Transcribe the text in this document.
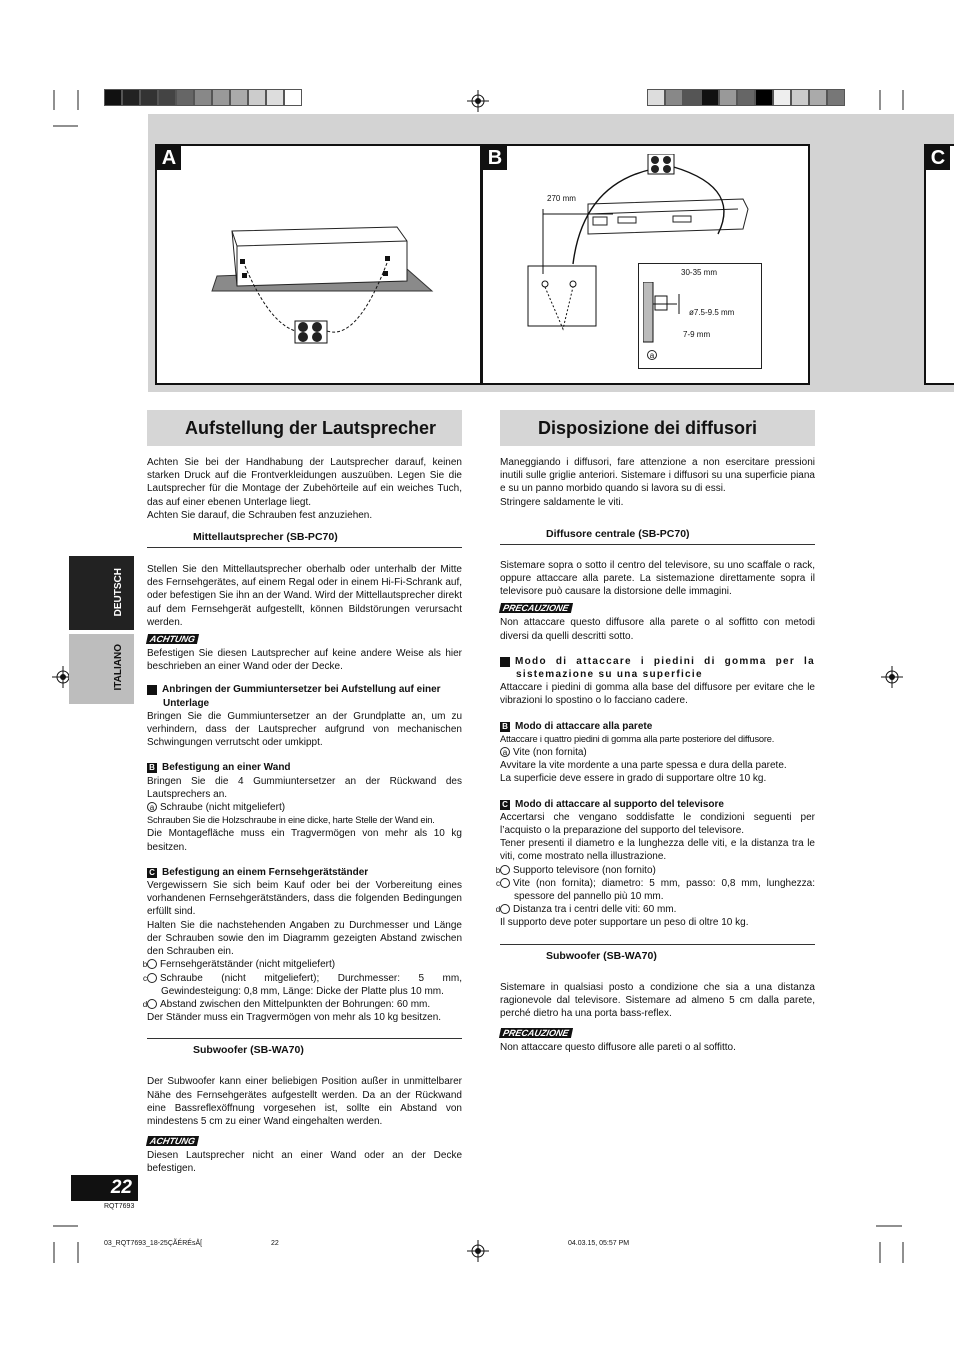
A	B
270 mm
30-35 mm
ø7.5-9.5 mm
7-9 mm
a
C
DEUTSCH
ITALIANO
Aufstellung der Lautsprecher
Achten Sie bei der Handhabung der Lautsprecher darauf, keinen starken Druck auf die Frontverkleidungen auszuüben. Legen Sie die Lautsprecher für die Montage der Zubehörteile auf ein weiches Tuch, das auf einer ebenen Unterlage liegt.
Achten Sie darauf, die Schrauben fest anzuziehen.
Mittellautsprecher (SB-PC70)
Stellen Sie den Mittellautsprecher oberhalb oder unterhalb der Mitte des Fernsehgerätes, auf einem Regal oder in einem Hi-Fi-Schrank auf, oder befestigen Sie ihn an der Wand. Wird der Mittellautsprecher direkt auf dem Fernsehgerät aufgestellt, können Bildstörungen verursacht werden.
ACHTUNG
Befestigen Sie diesen Lautsprecher auf keine andere Weise als hier beschrieben an einer Wand oder der Decke.
A Anbringen der Gummiuntersetzer bei Aufstellung auf einer Unterlage
Bringen Sie die Gummiuntersetzer an der Grundplatte an, um zu verhindern, dass der Lautsprecher aufgrund von mechanischen Schwingungen verrutscht oder umkippt.
B Befestigung an einer Wand
Bringen Sie die 4 Gummiuntersetzer an der Rückwand des Lautsprechers an.
a Schraube (nicht mitgeliefert)
Schrauben Sie die Holzschraube in eine dicke, harte Stelle der Wand ein.
Die Montagefläche muss ein Tragvermögen von mehr als 10 kg besitzen.
C Befestigung an einem Fernsehgerätständer
Vergewissern Sie sich beim Kauf oder bei der Vorbereitung eines vorhandenen Fernsehgerätständers, dass die folgenden Bedingungen erfüllt sind.
Halten Sie die nachstehenden Angaben zu Durchmesser und Länge der Schrauben sowie den im Diagramm gezeigten Abstand zwischen den Schrauben ein.
b Fernsehgerätständer (nicht mitgeliefert)
c Schraube (nicht mitgeliefert); Durchmesser: 5 mm, Gewindesteigung: 0,8 mm, Länge: Dicke der Platte plus 10 mm.
d Abstand zwischen den Mittelpunkten der Bohrungen: 60 mm.
Der Ständer muss ein Tragvermögen von mehr als 10 kg besitzen.
Subwoofer (SB-WA70)
Der Subwoofer kann einer beliebigen Position außer in unmittelbarer Nähe des Fernsehgerätes aufgestellt werden. Da an der Rückwand eine Bassreflexöffnung vorgesehen ist, sollte ein Abstand von mindestens 5 cm zu einer Wand eingehalten werden.
ACHTUNG
Diesen Lautsprecher nicht an einer Wand oder an der Decke befestigen.
Disposizione dei diffusori
Maneggiando i diffusori, fare attenzione a non esercitare pressioni inutili sulle griglie anteriori. Sistemare i diffusori su una superficie piana e su un panno morbido quando si lavora su di essi.
Stringere saldamente le viti.
Diffusore centrale (SB-PC70)
Sistemare sopra o sotto il centro del televisore, su uno scaffale o rack, oppure attaccare alla parete. La sistemazione direttamente sopra il televisore può causare la distorsione delle immagini.
PRECAUZIONE
Non attaccare questo diffusore alla parete o al soffitto con metodi diversi da quelli descritti sotto.
A Modo di attaccare i piedini di gomma per la sistemazione su una superficie
Attaccare i piedini di gomma alla base del diffusore per evitare che le vibrazioni lo spostino o lo facciano cadere.
B Modo di attaccare alla parete
Attaccare i quattro piedini di gomma alla parte posteriore del diffusore.
a Vite (non fornita)
Avvitare la vite mordente a una parte spessa e dura della parete.
La superficie deve essere in grado di supportare oltre 10 kg.
C Modo di attaccare al supporto del televisore
Accertarsi che vengano soddisfatte le condizioni seguenti per l’acquisto o la preparazione del supporto del televisore.
Tener presenti il diametro e la lunghezza delle viti, e la distanza tra le viti, come mostrato nella illustrazione.
b Supporto televisore (non fornito)
c Vite (non fornita); diametro: 5 mm, passo: 0,8 mm, lunghezza: spessore del pannello più 10 mm.
d Distanza tra i centri delle viti: 60 mm.
Il supporto deve poter supportare un peso di oltre 10 kg.
Subwoofer (SB-WA70)
Sistemare in qualsiasi posto a condizione che sia a una distanza ragionevole dal televisore. Sistemare ad almeno 5 cm dalla parete, perché dietro ha una porta bass-reflex.
PRECAUZIONE
Non attaccare questo diffusore alle pareti o al soffitto.
22
RQT7693
03_RQT7693_18-25ÇÃÉRÉsÅ[	22	04.03.15, 05:57 PM
